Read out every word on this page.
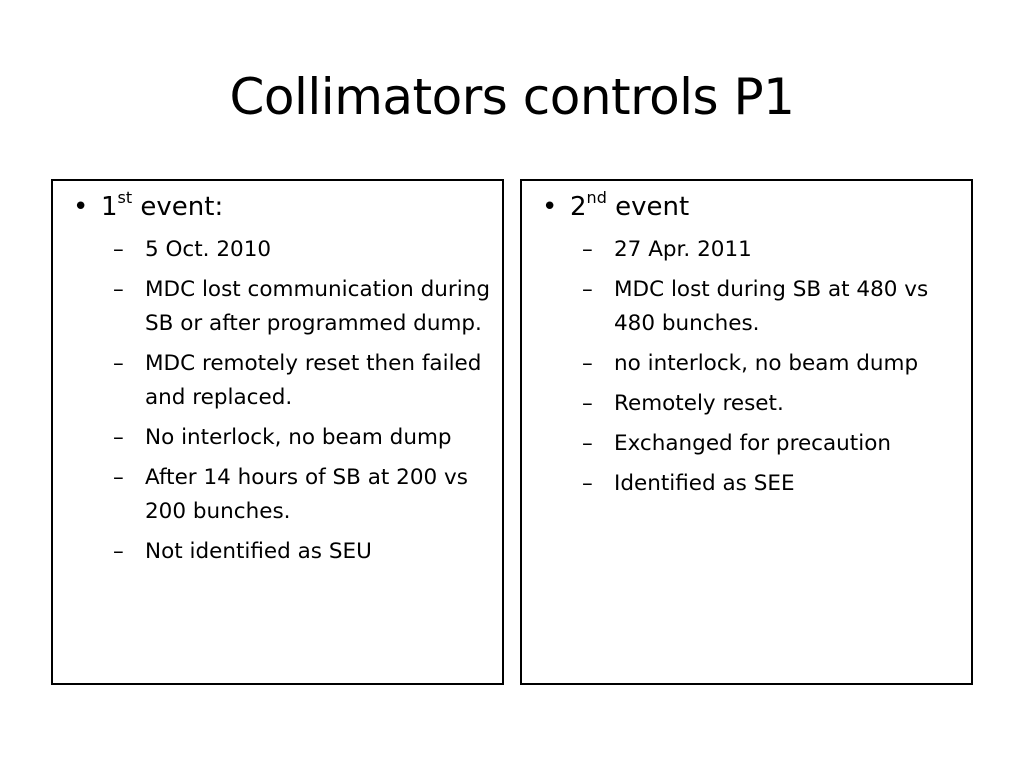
Collimators controls P1
• 1st event:
– 5 Oct. 2010
– MDC lost communication during SB or after programmed dump.
– MDC remotely reset then failed and replaced.
– No interlock, no beam dump
– After 14 hours of SB at 200 vs 200 bunches.
– Not identified as SEU
• 2nd event
– 27 Apr. 2011
– MDC lost during SB at 480 vs 480 bunches.
– no interlock, no beam dump
– Remotely reset.
– Exchanged for precaution
– Identified as SEE
